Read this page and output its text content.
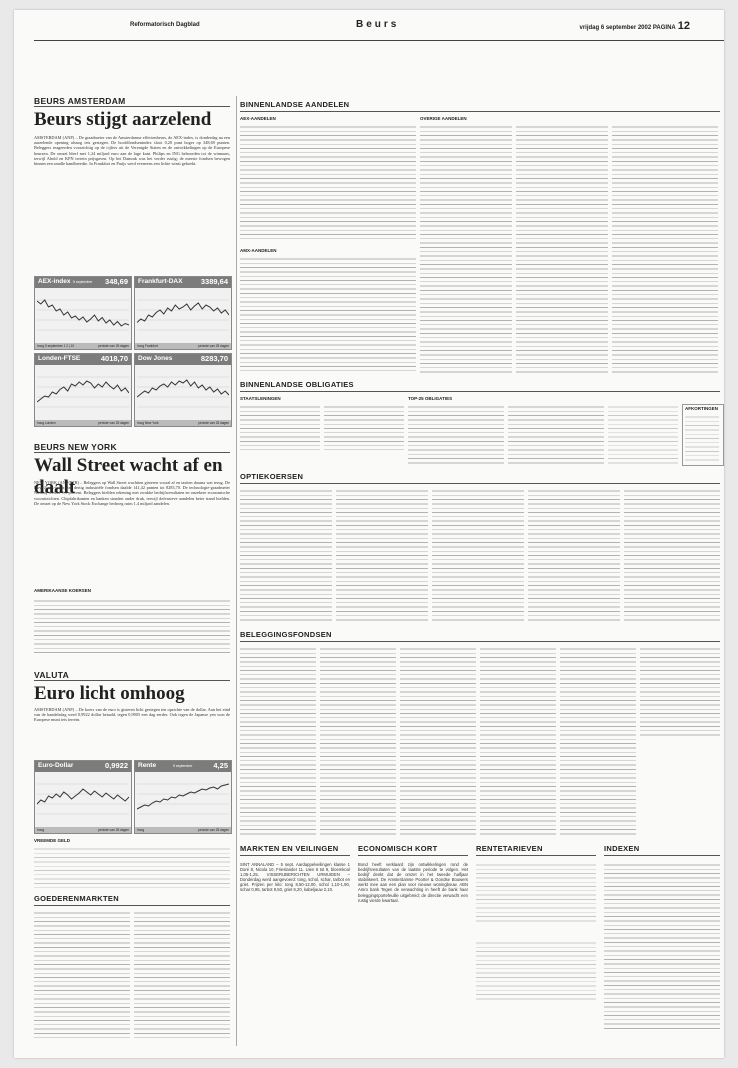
Reformatorisch Dagblad	Beurs	vrijdag 6 september 2002 PAGINA 12
BEURS AMSTERDAM
Beurs stijgt aarzelend
AMSTERDAM (ANP) – De graadmeter van de Amsterdamse effectenbeurs, de AEX-index, is donderdag na een aarzelende opening alsnog iets gestegen. De hoofdfondsenindex sloot 0,20 punt hoger op 348,69 punten. Beleggers reageerden voorzichtig op de cijfers uit de Verenigde Staten en de ontwikkelingen op de Europese beurzen. De omzet bleef met 1,24 miljard euro aan de lage kant. Philips en ING behoorden tot de winnaars, terwijl Ahold en KPN terrein prijsgaven. Op het Damrak was het verder rustig; de meeste fondsen bewogen binnen een smalle bandbreedte. In Frankfurt en Parijs werd eveneens een lichte winst geboekt.
AEX-index 5 september 348,69
hoog 5 september 1 2 | 10	periode van 25 dagen
Frankfurt-DAX 3389,64
hoog Frankfurt	periode van 25 dagen
Londen-FTSE	4018,70
hoog Londen	periode van 25 dagen
Dow Jones	8283,70
hoog New York	periode van 25 dagen
BEURS NEW YORK
Wall Street wacht af en daalt
NEW YORK (ANP/RTR) – Beleggers op Wall Street wachtten gisteren vooral af en tastten daarna wat terug. De Dow Jones-index van dertig industriële fondsen daalde 141,42 punten tot 8283,70. De technologie-graadmeter Nasdaq verloor 1,1 procent. Beleggers hielden rekening met zwakke bedrijfsresultaten en onzekere economische vooruitzichten. Chipfabrikanten en banken stonden onder druk, terwijl defensieve aandelen beter stand hielden. De omzet op de New York Stock Exchange bedroeg ruim 1,4 miljard aandelen.
AMERIKAANSE KOERSEN
VALUTA
Euro licht omhoog
AMSTERDAM (ANP) – De koers van de euro is gisteren licht gestegen ten opzichte van de dollar. Aan het eind van de handelsdag werd 0,9922 dollar betaald, tegen 0,9905 een dag eerder. Ook tegen de Japanse yen won de Europese munt iets terrein.
Euro-Dollar	0,9922
hoog	periode van 25 dagen
Rente	5 september	4,25
hoog	periode van 25 dagen
VREEMDE GELD
GOEDERENMARKTEN
BINNENLANDSE AANDELEN
AEX-AANDELEN
AMX-AANDELEN
OVERIGE AANDELEN
BINNENLANDSE OBLIGATIES
STAATSLENINGEN	TOP-25 OBLIGATIES
AFKORTINGEN
OPTIEKOERSEN
BELEGGINGSFONDSEN
MARKTEN EN VEILINGEN
SINT ANNALAND – 5 sept. Aardappelveilingen klasse 1 Doré 8, Nicola 10, Frieslander 11. Uien 6 tot 9, bloemkool 1,05-1,25. VISSERIJBERICHTEN URMUIDEN – Donderdag werd aangevoerd: tong, schol, schar, tarbot en griet. Prijzen per kilo: tong 8,50-12,00, schol 1,10-1,90, schar 0,95, tarbot 9,50, griet 6,20, kabeljauw 2,10.
ECONOMISCH KORT
Bond heeft verklaard zijn ontwikkelingen rond de bedrijfsresultaten van de laatste periode te volgen. Het bedrijf denkt dat de omzet in het tweede halfjaar stabiliseert. De Amsterdamse Poorter & Gondse Bouwers werkt mee aan een plan voor nieuwe woningbouw. ABN Amro bank Tegen de verwachting in heeft de bank haar beleggingsportefeuille uitgebreid; de directie verwacht een rustig vierde kwartaal.
RENTETARIEVEN	INDEXEN
